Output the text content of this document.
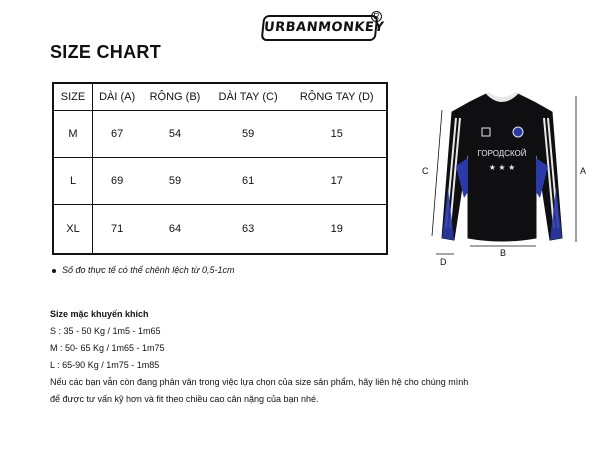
URBANMONKEY
R
SIZE CHART
SIZE	DÀI (A)	RỘNG (B)	DÀI TAY (C)	RỘNG TAY (D)
M	67	54	59	15
L	69	59	61	17
XL	71	64	63	19
Số đo thực tế có thể chênh lệch từ 0,5-1cm
Size mặc khuyến khích
S : 35 - 50 Kg / 1m5 - 1m65
M : 50- 65 Kg / 1m65 - 1m75
L : 65-90 Kg / 1m75 - 1m85
Nếu các bạn vẫn còn đang phân vân trong việc lựa chọn của size sản phẩm, hãy liên hệ cho chúng mình
để được tư vấn kỹ hơn và fit theo chiều cao cân nặng của bạn nhé.
ГОРОДСКОЙ
★ ★ ★	A
B
C
D
